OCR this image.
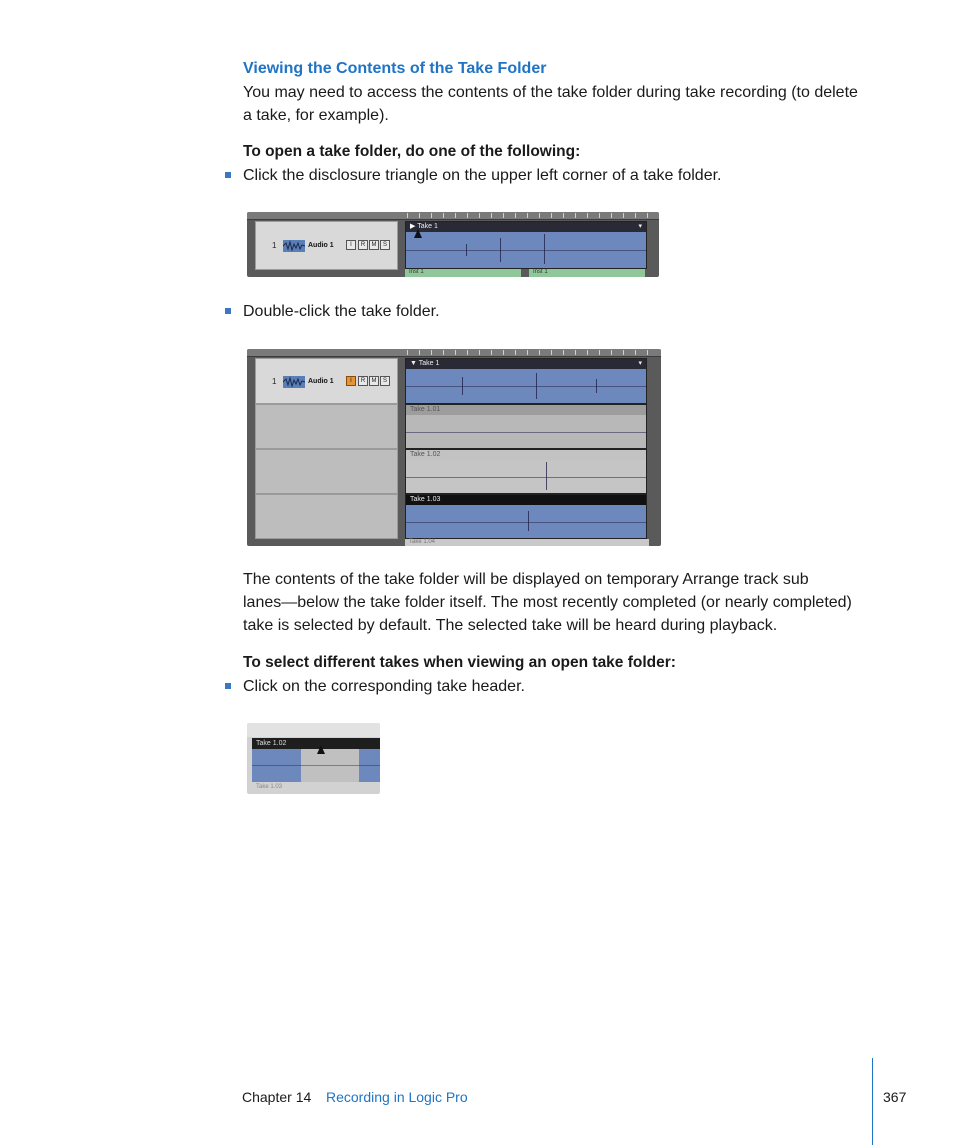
Viewing the Contents of the Take Folder
You may need to access the contents of the take folder during take recording (to delete
a take, for example).
To open a take folder, do one of the following:
Click the disclosure triangle on the upper left corner of a take folder.
1	Audio 1	I	R	M	S
▶ Take 1	▾
Inst 1	Inst 1
Double-click the take folder.
1	Audio 1	I	R	M	S
▼ Take 1	▾
Take 1.01
Take 1.02
Take 1.03
Take 1.04
The contents of the take folder will be displayed on temporary Arrange track sub
lanes—below the take folder itself. The most recently completed (or nearly completed)
take is selected by default. The selected take will be heard during playback.
To select different takes when viewing an open take folder:
Click on the corresponding take header.
Take 1.02
Take 1.03
Chapter 14 Recording in Logic Pro	367
